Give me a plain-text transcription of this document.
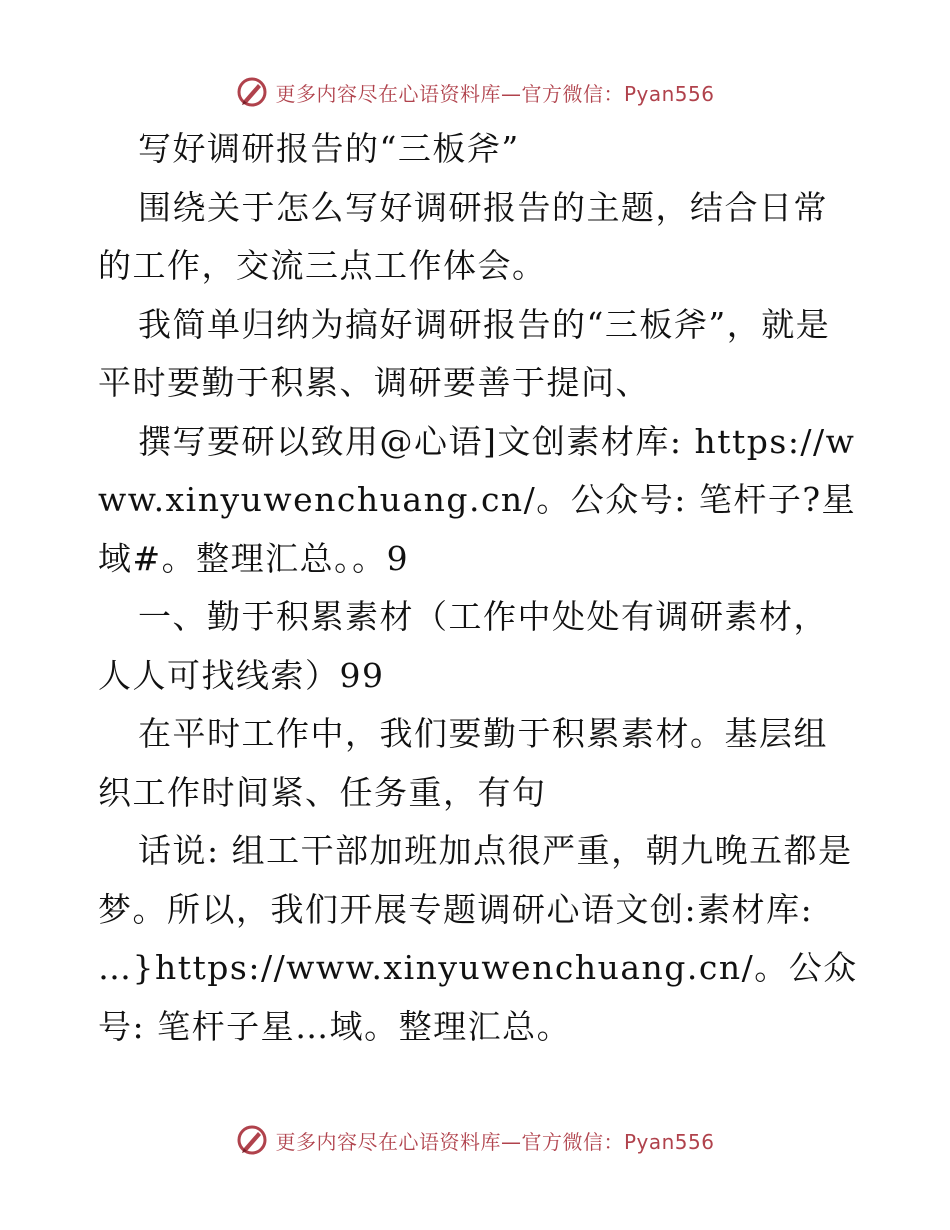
更多内容尽在心语资料库—官方微信：Pyan556

写好调研报告的“三板斧”

围绕关于怎么写好调研报告的主题，结合日常的工作，交流三点工作体会。

我简单归纳为搞好调研报告的“三板斧”，就是平时要勤于积累、调研要善于提问、

撰写要研以致用@心语]文创素材库: https://www.xinyuwenchuang.cn/。公众号: 笔杆子?星域#。整理汇总。。9

一、勤于积累素材（工作中处处有调研素材，人人可找线索）99

在平时工作中，我们要勤于积累素材。基层组织工作时间紧、任务重，有句

话说: 组工干部加班加点很严重，朝九晚五都是梦。所以，我们开展专题调研心语文创:素材库: …}https://www.xinyuwenchuang.cn/。公众号: 笔杆子星…域。整理汇总。

更多内容尽在心语资料库—官方微信：Pyan556
